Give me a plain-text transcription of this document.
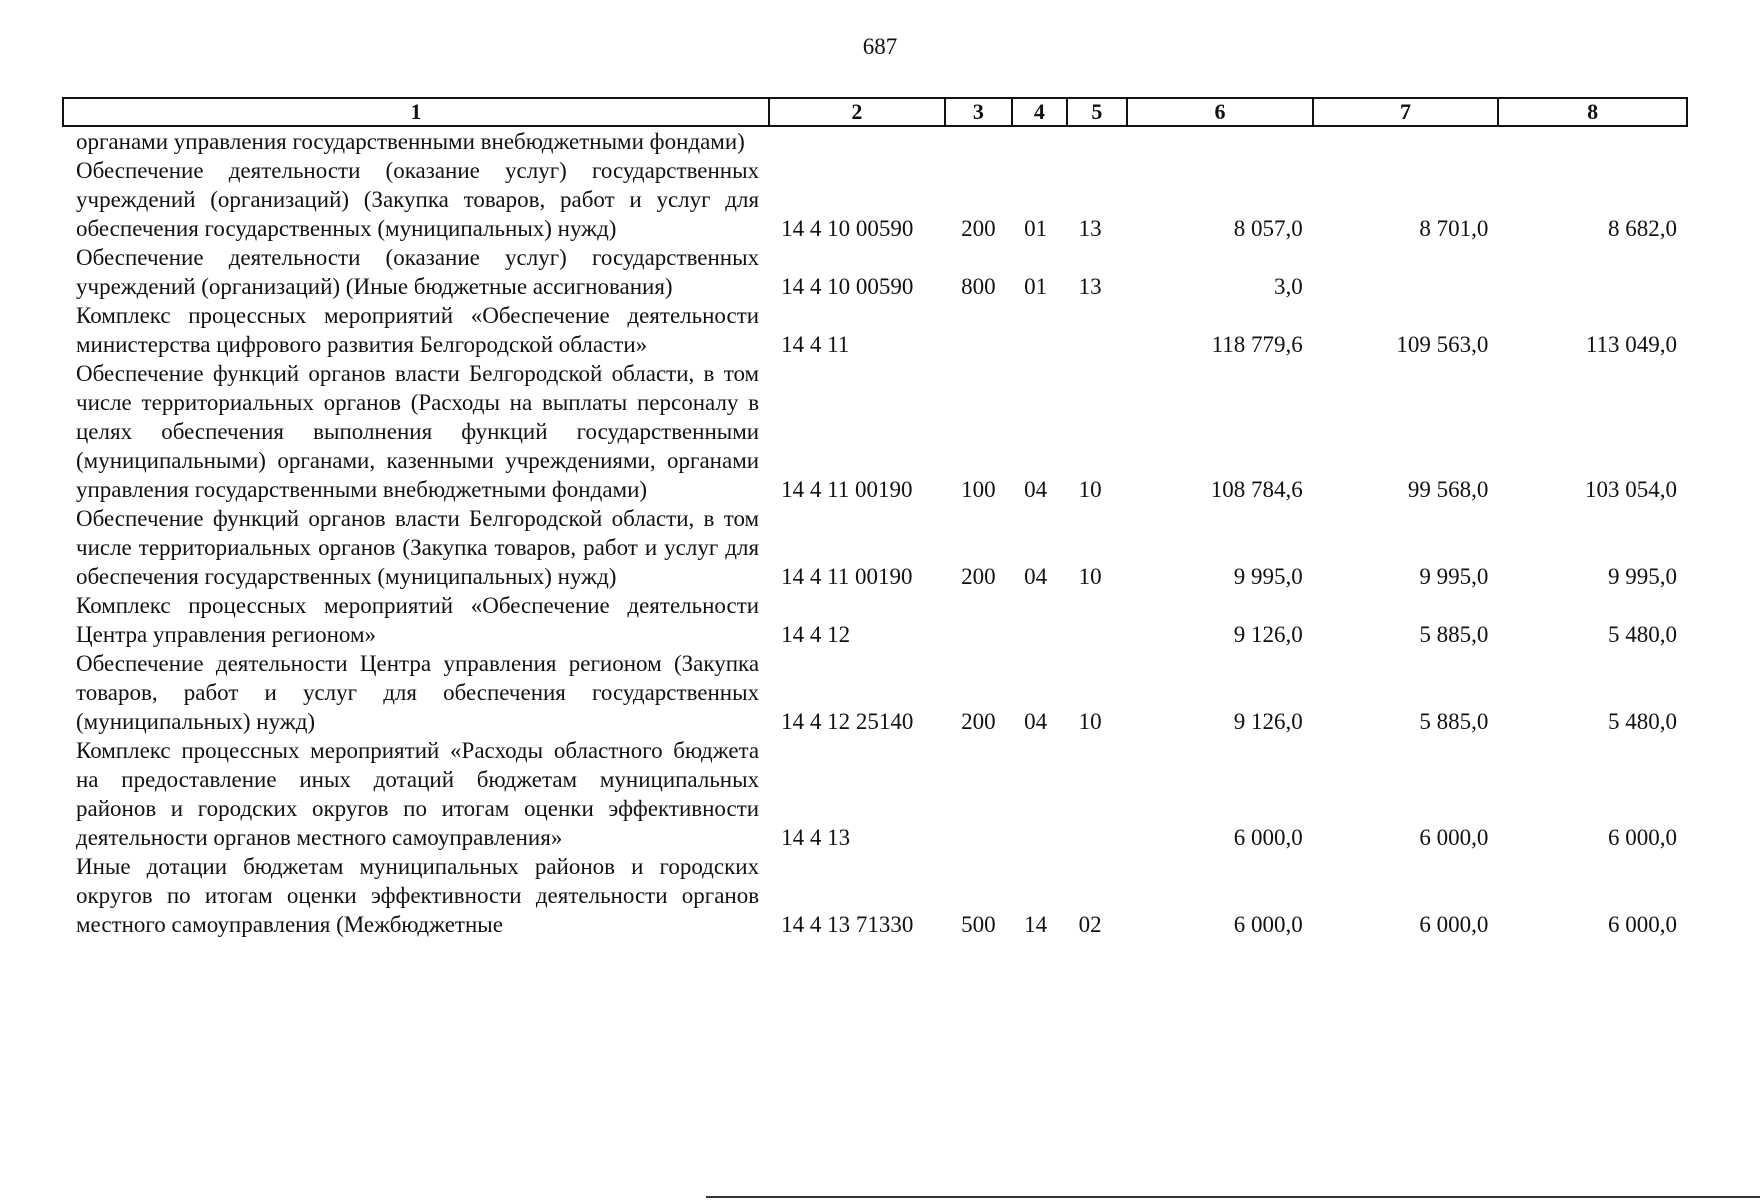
687
1	2	3	4	5	6	7	8
органами управления государственными внебюджетными фондами)							
Обеспечение деятельности (оказание услуг) государственных учреждений (организаций) (Закупка товаров, работ и услуг для обеспечения государственных (муниципальных) нужд)	14 4 10 00590	200	01	13	8 057,0	8 701,0	8 682,0
Обеспечение деятельности (оказание услуг) государственных учреждений (организаций) (Иные бюджетные ассигнования)	14 4 10 00590	800	01	13	3,0		
Комплекс процессных мероприятий «Обеспечение деятельности министерства цифрового развития Белгородской области»	14 4 11				118 779,6	109 563,0	113 049,0
Обеспечение функций органов власти Белгородской области, в том числе территориальных органов (Расходы на выплаты персоналу в целях обеспечения выполнения функций государственными (муниципальными) органами, казенными учреждениями, органами управления государственными внебюджетными фондами)	14 4 11 00190	100	04	10	108 784,6	99 568,0	103 054,0
Обеспечение функций органов власти Белгородской области, в том числе территориальных органов (Закупка товаров, работ и услуг для обеспечения государственных (муниципальных) нужд)	14 4 11 00190	200	04	10	9 995,0	9 995,0	9 995,0
Комплекс процессных мероприятий «Обеспечение деятельности Центра управления регионом»	14 4 12				9 126,0	5 885,0	5 480,0
Обеспечение деятельности Центра управления регионом (Закупка товаров, работ и услуг для обеспечения государственных (муниципальных) нужд)	14 4 12 25140	200	04	10	9 126,0	5 885,0	5 480,0
Комплекс процессных мероприятий «Расходы областного бюджета на предоставление иных дотаций бюджетам муниципальных районов и городских округов по итогам оценки эффективности деятельности органов местного самоуправления»	14 4 13				6 000,0	6 000,0	6 000,0
Иные дотации бюджетам муниципальных районов и городских округов по итогам оценки эффективности деятельности органов местного самоуправления (Межбюджетные	14 4 13 71330	500	14	02	6 000,0	6 000,0	6 000,0
